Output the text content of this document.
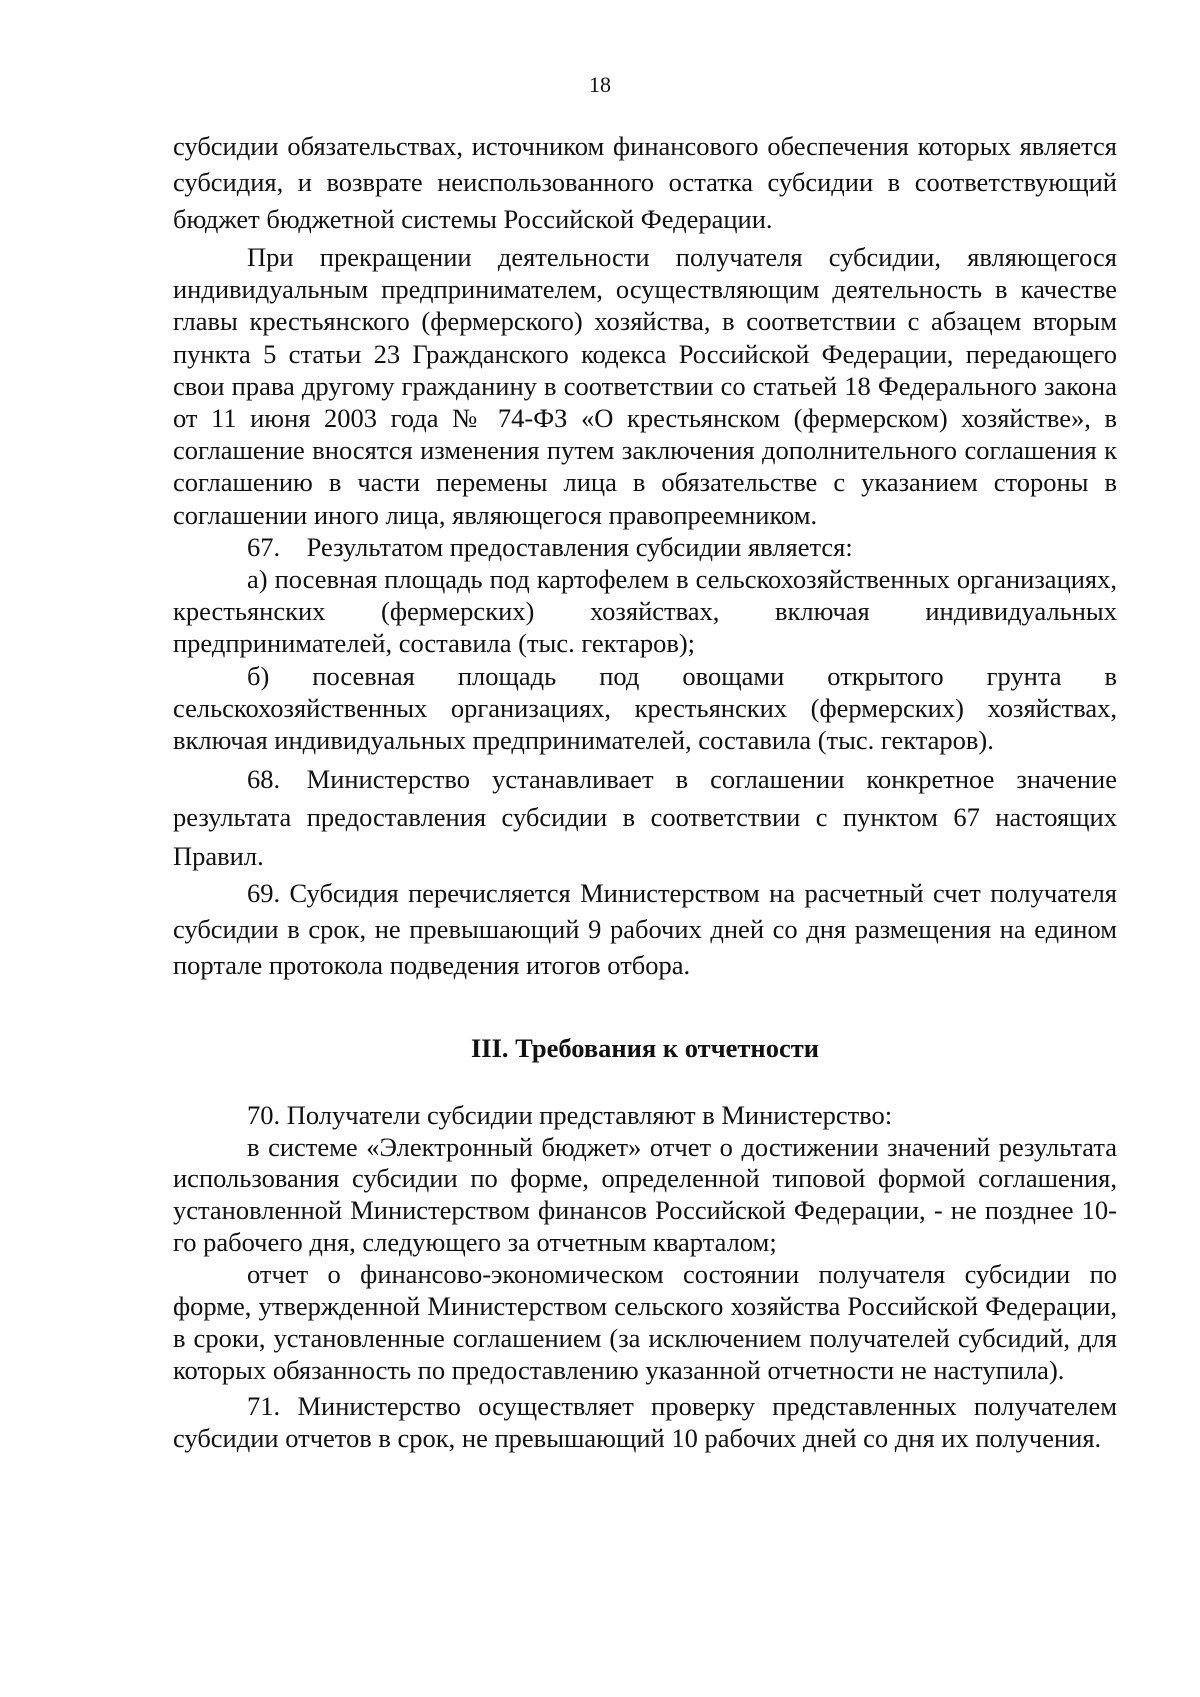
18

субсидии обязательствах, источником финансового обеспечения которых является субсидия, и возврате неиспользованного остатка субсидии в соответствующий бюджет бюджетной системы Российской Федерации.

При прекращении деятельности получателя субсидии, являющегося индивидуальным предпринимателем, осуществляющим деятельность в качестве главы крестьянского (фермерского) хозяйства, в соответствии с абзацем вторым пункта 5 статьи 23 Гражданского кодекса Российской Федерации, передающего свои права другому гражданину в соответствии со статьей 18 Федерального закона от 11 июня 2003 года № 74-ФЗ «О крестьянском (фермерском) хозяйстве», в соглашение вносятся изменения путем заключения дополнительного соглашения к соглашению в части перемены лица в обязательстве с указанием стороны в соглашении иного лица, являющегося правопреемником.

67. Результатом предоставления субсидии является:

а) посевная площадь под картофелем в сельскохозяйственных организациях, крестьянских (фермерских) хозяйствах, включая индивидуальных предпринимателей, составила (тыс. гектаров);

б) посевная площадь под овощами открытого грунта в сельскохозяйственных организациях, крестьянских (фермерских) хозяйствах, включая индивидуальных предпринимателей, составила (тыс. гектаров).

68. Министерство устанавливает в соглашении конкретное значение результата предоставления субсидии в соответствии с пунктом 67 настоящих Правил.

69. Субсидия перечисляется Министерством на расчетный счет получателя субсидии в срок, не превышающий 9 рабочих дней со дня размещения на едином портале протокола подведения итогов отбора.

III. Требования к отчетности

70. Получатели субсидии представляют в Министерство:

в системе «Электронный бюджет» отчет о достижении значений результата использования субсидии по форме, определенной типовой формой соглашения, установленной Министерством финансов Российской Федерации, - не позднее 10-го рабочего дня, следующего за отчетным кварталом;

отчет о финансово-экономическом состоянии получателя субсидии по форме, утвержденной Министерством сельского хозяйства Российской Федерации, в сроки, установленные соглашением (за исключением получателей субсидий, для которых обязанность по предоставлению указанной отчетности не наступила).

71. Министерство осуществляет проверку представленных получателем субсидии отчетов в срок, не превышающий 10 рабочих дней со дня их получения.
